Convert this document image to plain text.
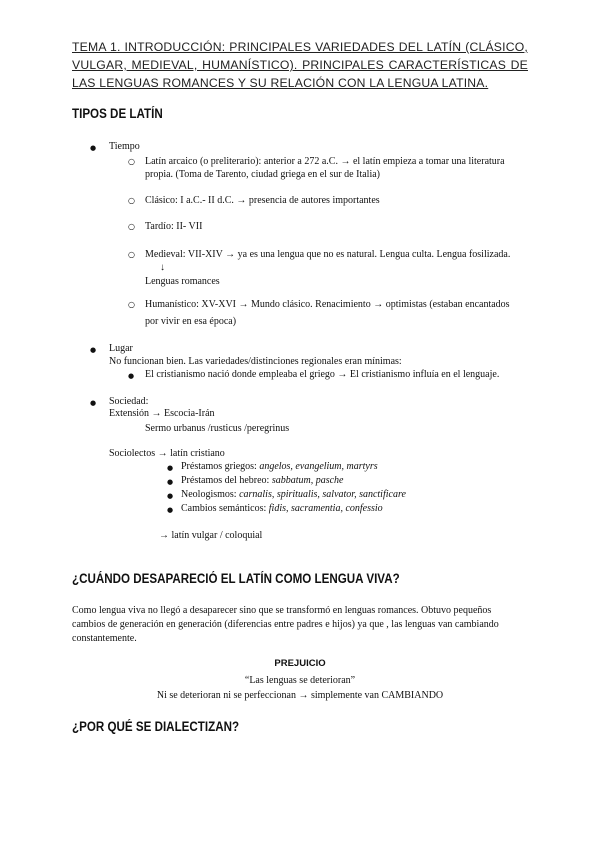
TEMA 1. INTRODUCCIÓN: PRINCIPALES VARIEDADES DEL LATÍN (CLÁSICO, VULGAR, MEDIEVAL, HUMANÍSTICO). PRINCIPALES CARACTERÍSTICAS DE LAS LENGUAS ROMANCES Y SU RELACIÓN CON LA LENGUA LATINA.
TIPOS DE LATÍN
● Tiempo
○ Latín arcaico (o preliterario): anterior a 272 a.C. → el latín empieza a tomar una literatura
propia. (Toma de Tarento, ciudad griega en el sur de Italia)
○ Clásico: I a.C.- II d.C. → presencia de autores importantes
○ Tardío: II- VII
○ Medieval: VII-XIV → ya es una lengua que no es natural. Lengua culta. Lengua fosilizada.
↓
Lenguas romances
○ Humanístico: XV-XVI → Mundo clásico. Renacimiento → optimistas (estaban encantados
por vivir en esa época)
● Lugar
No funcionan bien. Las variedades/distinciones regionales eran mínimas:
● El cristianismo nació donde empleaba el griego → El cristianismo influía en el lenguaje.
● Sociedad:
Extensión → Escocia-Irán
Sermo urbanus /rusticus /peregrinus
Sociolectos → latín cristiano
● Préstamos griegos: angelos, evangelium, martyrs
● Préstamos del hebreo: sabbatum, pasche
● Neologismos: carnalis, spiritualis, salvator, sanctificare
● Cambios semánticos: fidis, sacramentia, confessio
→ latín vulgar / coloquial
¿CUÁNDO DESAPARECIÓ EL LATÍN COMO LENGUA VIVA?
Como lengua viva no llegó a desaparecer sino que se transformó en lenguas romances. Obtuvo pequeños
cambios de generación en generación (diferencias entre padres e hijos) ya que , las lenguas van cambiando
constantemente.
PREJUICIO
“Las lenguas se deterioran”
Ni se deterioran ni se perfeccionan → simplemente van CAMBIANDO
¿POR QUÉ SE DIALECTIZAN?
